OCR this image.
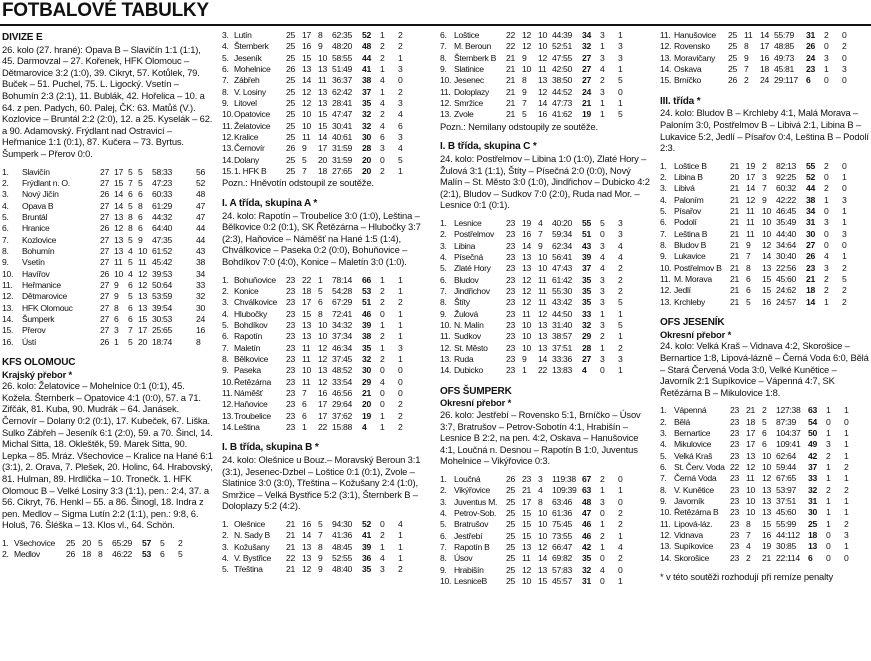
FOTBALOVÉ TABULKY
DIVIZE E
26. kolo (27. hrané): Opava B – Slavičín 1:1 (1:1), 45. Darmovzal – 27. Kořenek, HFK Olomouc – Dětmarovice 3:2 (1:0), 39. Cikryt, 57. Kotůlek, 79. Buček – 51. Puchel, 75. L. Ligocký. Vsetín – Bohumín 2:3 (2:1), 11. Bublák, 42. Hořelica – 10. a 64. z pen. Padych, 60. Palej, ČK: 63. Matůš (V.). Kozlovice – Bruntál 2:2 (2:0), 12. a 25. Kyselák – 62. a 90. Adamovský. Frýdlant nad Ostravicí – Heřmanice 1:1 (0:1), 87. Kučera – 73. Byrtus. Šumperk – Přerov 0:0.
1.	Slavičín	27	17	5	5	58:33	56
2.	Frýdlant n. O.	27	15	7	5	47:23	52
3.	Nový Jičín	26	14	6	6	60:33	48
4.	Opava B	27	14	5	8	61:29	47
5.	Bruntál	27	13	8	6	44:32	47
6.	Hranice	26	12	8	6	64:40	44
7.	Kozlovice	27	13	5	9	47:35	44
8.	Bohumín	27	13	4	10	61:52	43
9.	Vsetín	27	11	5	11	45:42	38
10.	Havířov	26	10	4	12	39:53	34
11.	Heřmanice	27	9	6	12	50:64	33
12.	Dětmarovice	27	9	5	13	53:59	32
13.	HFK Olomouc	27	8	6	13	39:54	30
14.	Šumperk	27	6	6	15	30:53	24
15.	Přerov	27	3	7	17	25:65	16
16.	Ústí	26	1	5	20	18:74	8
KFS OLOMOUC
Krajský přebor *
26. kolo: Želatovice – Mohelnice 0:1 (0:1), 45. Kožela. Šternberk – Opatovice 4:1 (0:0), 57. a 71. Zifčák, 81. Kuba, 90. Mudrák – 64. Janásek. Černovír – Dolany 0:2 (0:1), 17. Kubeček, 67. Liška. Sulko Zábřeh – Jeseník 6:1 (2:0), 59. a 70. Šincl, 14. Michal Sitta, 18. Okleštěk, 59. Marek Sitta, 90. Lepka – 85. Mráz. Všechovice – Kralice na Hané 6:1 (3:1), 2. Orava, 7. Plešek, 20. Holinc, 64. Hrabovský, 81. Hulman, 89. Hrdlička – 10. Tronečk. 1. HFK Olomouc B – Velké Losiny 3:3 (1:1), pen.: 2:4, 37. a 56. Cikryt, 76. Henkl – 55. a 86. Šinogl, 18. Indra z pen. Medlov – Sigma Lutín 2:2 (1:1), pen.: 9:8, 6. Holuš, 76. Šléška – 13. Klos vl., 64. Schön.
1.	Všechovice	25	20	5	65:29	57	5	2
2.	Medlov	26	18	8	46:22	53	6	5
3.	Lutín	25	17	8	62:35	52	1	2
4.	Šternberk	25	16	9	48:20	48	2	2
5.	Jeseník	25	15	10	58:55	44	2	1
6.	Mohelnice	26	13	13	51:49	41	1	3
7.	Zábřeh	25	14	11	36:37	38	4	0
8.	V. Losiny	25	12	13	62:42	37	1	2
9.	Litovel	25	12	13	28:41	35	4	3
10.	Opatovice	25	10	15	47:47	32	2	4
11.	Želatovice	25	10	15	30:41	32	4	6
12.	Kralice	25	11	14	40:61	30	6	3
13.	Černovír	26	9	17	31:59	28	3	4
14.	Dolany	25	5	20	31:59	20	0	5
15.	1. HFK B	25	7	18	27:65	20	2	1
Pozn.: Hněvotín odstoupil ze soutěže.
I. A třída, skupina A *
24. kolo: Rapotín – Troubelice 3:0 (1:0), Leština – Bělkovice 0:2 (0:1), SK Řetězárna – Hlubočky 3:7 (2:3), Haňovice – Náměšť na Hané 1:5 (1:4), Chválkovice – Paseka 0:2 (0:0), Bohuňovice – Bohdíkov 7:0 (4:0), Konice – Maletín 3:0 (1:0).
1.	Bohuňovice	23	22	1	78:14	66	1	1
2.	Konice	23	18	5	54:28	53	2	1
3.	Chválkovice	23	17	6	67:29	51	2	2
4.	Hlubočky	23	15	8	72:41	46	0	1
5.	Bohdíkov	23	13	10	34:32	39	1	1
6.	Rapotín	23	13	10	37:34	38	2	1
7.	Maletín	23	11	12	46:34	35	1	3
8.	Bělkovice	23	11	12	37:45	32	2	1
9.	Paseka	23	10	13	48:52	30	0	0
10.	Řetězárna	23	11	12	33:54	29	4	0
11.	Náměšť	23	7	16	46:56	21	0	0
12.	Haňovice	23	6	17	29:64	20	0	2
13.	Troubelice	23	6	17	37:62	19	1	2
14.	Leština	23	1	22	15:88	4	1	2
I. B třída, skupina B *
24. kolo: Olešnice u Bouz.– Moravský Beroun 3:1 (3:1), Jesenec-Dzbel – Loštice 0:1 (0:1), Zvole – Slatinice 3:0 (3:0), Třeština – Kožušany 2:4 (1:0), Smržice – Velká Bystřice 5:2 (3:1), Šternberk B – Doloplazy 5:2 (4:2).
1.	Olešnice	21	16	5	94:30	52	0	4
2.	N. Sady B	21	14	7	41:36	41	2	1
3.	Kožušany	21	13	8	48:45	39	1	1
4.	V. Bystřice	22	13	9	52:55	36	4	1
5.	Třeština	21	12	9	48:40	35	3	2
6.	Loštice	22	12	10	44:39	34	3	1
7.	M. Beroun	22	12	10	52:51	32	1	3
8.	Šternberk B	21	9	12	47:55	27	3	3
9.	Slatinice	21	10	11	42:50	27	4	1
10.	Jesenec	21	8	13	38:50	27	2	5
11.	Doloplazy	21	9	12	44:52	24	3	0
12.	Smržice	21	7	14	47:73	21	1	1
13.	Zvole	21	5	16	41:62	19	1	5
Pozn.: Nemilany odstoupily ze soutěže.
I. B třída, skupina C *
24. kolo: Postřelmov – Libina 1:0 (1:0), Zlaté Hory – Žulová 3:1 (1:1), Štíty – Písečná 2:0 (0:0), Nový Malín – St. Město 3:0 (1:0), Jindřichov – Dubicko 4:2 (2:1), Bludov – Sudkov 7:0 (2:0), Ruda nad Mor. – Lesnice 0:1 (0:1).
1.	Lesnice	23	19	4	40:20	55	5	3
2.	Postřelmov	23	16	7	59:34	51	0	3
3.	Libina	23	14	9	62:34	43	3	4
4.	Písečná	23	13	10	56:41	39	4	4
5.	Zlaté Hory	23	13	10	47:43	37	4	2
6.	Bludov	23	12	11	61:42	35	3	2
7.	Jindřichov	23	12	11	55:30	35	3	2
8.	Štíty	23	12	11	43:42	35	3	5
9.	Žulová	23	11	12	44:50	33	1	1
10.	N. Malín	23	10	13	31:40	32	3	5
11.	Sudkov	23	10	13	38:57	29	2	1
12.	St. Město	23	10	13	37:51	28	1	2
13.	Ruda	23	9	14	33:36	27	3	3
14.	Dubicko	23	1	22	13:83	4	0	1
OFS ŠUMPERK
Okresní přebor *
26. kolo: Jestřebí – Rovensko 5:1, Brníčko – Úsov 3:7, Bratrušov – Petrov-Sobotín 4:1, Hrabišín – Lesnice B 2:2, na pen. 4:2, Oskava – Hanušovice 4:1, Loučná n. Desnou – Rapotín B 1:0, Juventus Mohelnice – Vikýřovice 0:3.
1.	Loučná	26	23	3	119:38	67	2	0
2.	Vikýřovice	25	21	4	109:39	63	1	1
3.	Juventus M.	25	17	8	63:46	48	3	0
4.	Petrov-Sob.	25	15	10	61:36	47	0	2
5.	Bratrušov	25	15	10	75:45	46	1	2
6.	Jestřebí	25	15	10	73:55	46	2	1
7.	Rapotín B	25	13	12	66:47	42	1	4
8.	Úsov	25	11	14	69:82	35	0	2
9.	Hrabišín	25	12	13	57:83	32	4	0
10.	LesniceB	25	10	15	45:57	31	0	1
11.	Hanušovice	25	11	14	55:79	31	2	0
12.	Rovensko	25	8	17	48:85	26	0	2
13.	Moravičany	25	9	16	49:73	24	3	0
14.	Oskava	25	7	18	45:81	23	1	3
15.	Brníčko	26	2	24	29:117	6	0	0
III. třída *
24. kolo: Bludov B – Krchleby 4:1, Malá Morava – Paloním 3:0, Postřelmov B – Libivá 2:1, Libina B – Lukavice 5:2, Jedlí – Písařov 0:4, Leština B – Podolí 2:3.
1.	Loštice B	21	19	2	82:13	55	2	0
2.	Libina B	20	17	3	92:25	52	0	1
3.	Libivá	21	14	7	60:32	44	2	0
4.	Paloním	21	12	9	42:22	38	1	3
5.	Písařov	21	11	10	46:45	34	0	1
6.	Podolí	21	11	10	35:49	31	3	1
7.	Leština B	21	11	10	44:40	30	0	3
8.	Bludov B	21	9	12	34:64	27	0	0
9.	Lukavice	21	7	14	30:40	26	4	1
10.	Postřelmov B	21	8	13	22:56	23	3	2
11.	M. Morava	21	6	15	45:60	21	2	5
12.	Jedlí	21	6	15	24:62	18	2	2
13.	Krchleby	21	5	16	24:57	14	1	2
OFS JESENÍK
Okresní přebor *
24. kolo: Velká Kraš – Vidnava 4:2, Skorošice – Bernartice 1:8, Lipová-lázně – Černá Voda 6:0, Bělá – Stará Červená Voda 3:0, Velké Kunětice – Javorník 2:1 Supíkovice – Vápenná 4:7, SK Řetězárna B – Mikulovice 1:8.
1.	Vápenná	23	21	2	127:38	63	1	1
2.	Bělá	23	18	5	87:39	54	0	0
3.	Bernartice	23	17	6	104:37	50	1	1
4.	Mikulovice	23	17	6	109:41	49	3	1
5.	Velká Kraš	23	13	10	62:64	42	2	1
6.	St. Červ. Voda	22	12	10	59:44	37	1	2
7.	Černá Voda	23	11	12	67:65	33	1	1
8.	V. Kunětice	23	10	13	53:97	32	2	2
9.	Javorník	23	10	13	37:51	31	1	1
10.	Řetězárna B	23	10	13	45:60	30	1	1
11.	Lipová-láz.	23	8	15	55:99	25	1	2
12.	Vidnava	23	7	16	44:112	18	0	3
13.	Supíkovice	23	4	19	30:85	13	0	1
14.	Skorošice	23	2	21	22:114	6	0	0
* v této soutěži rozhodují při remíze penalty
